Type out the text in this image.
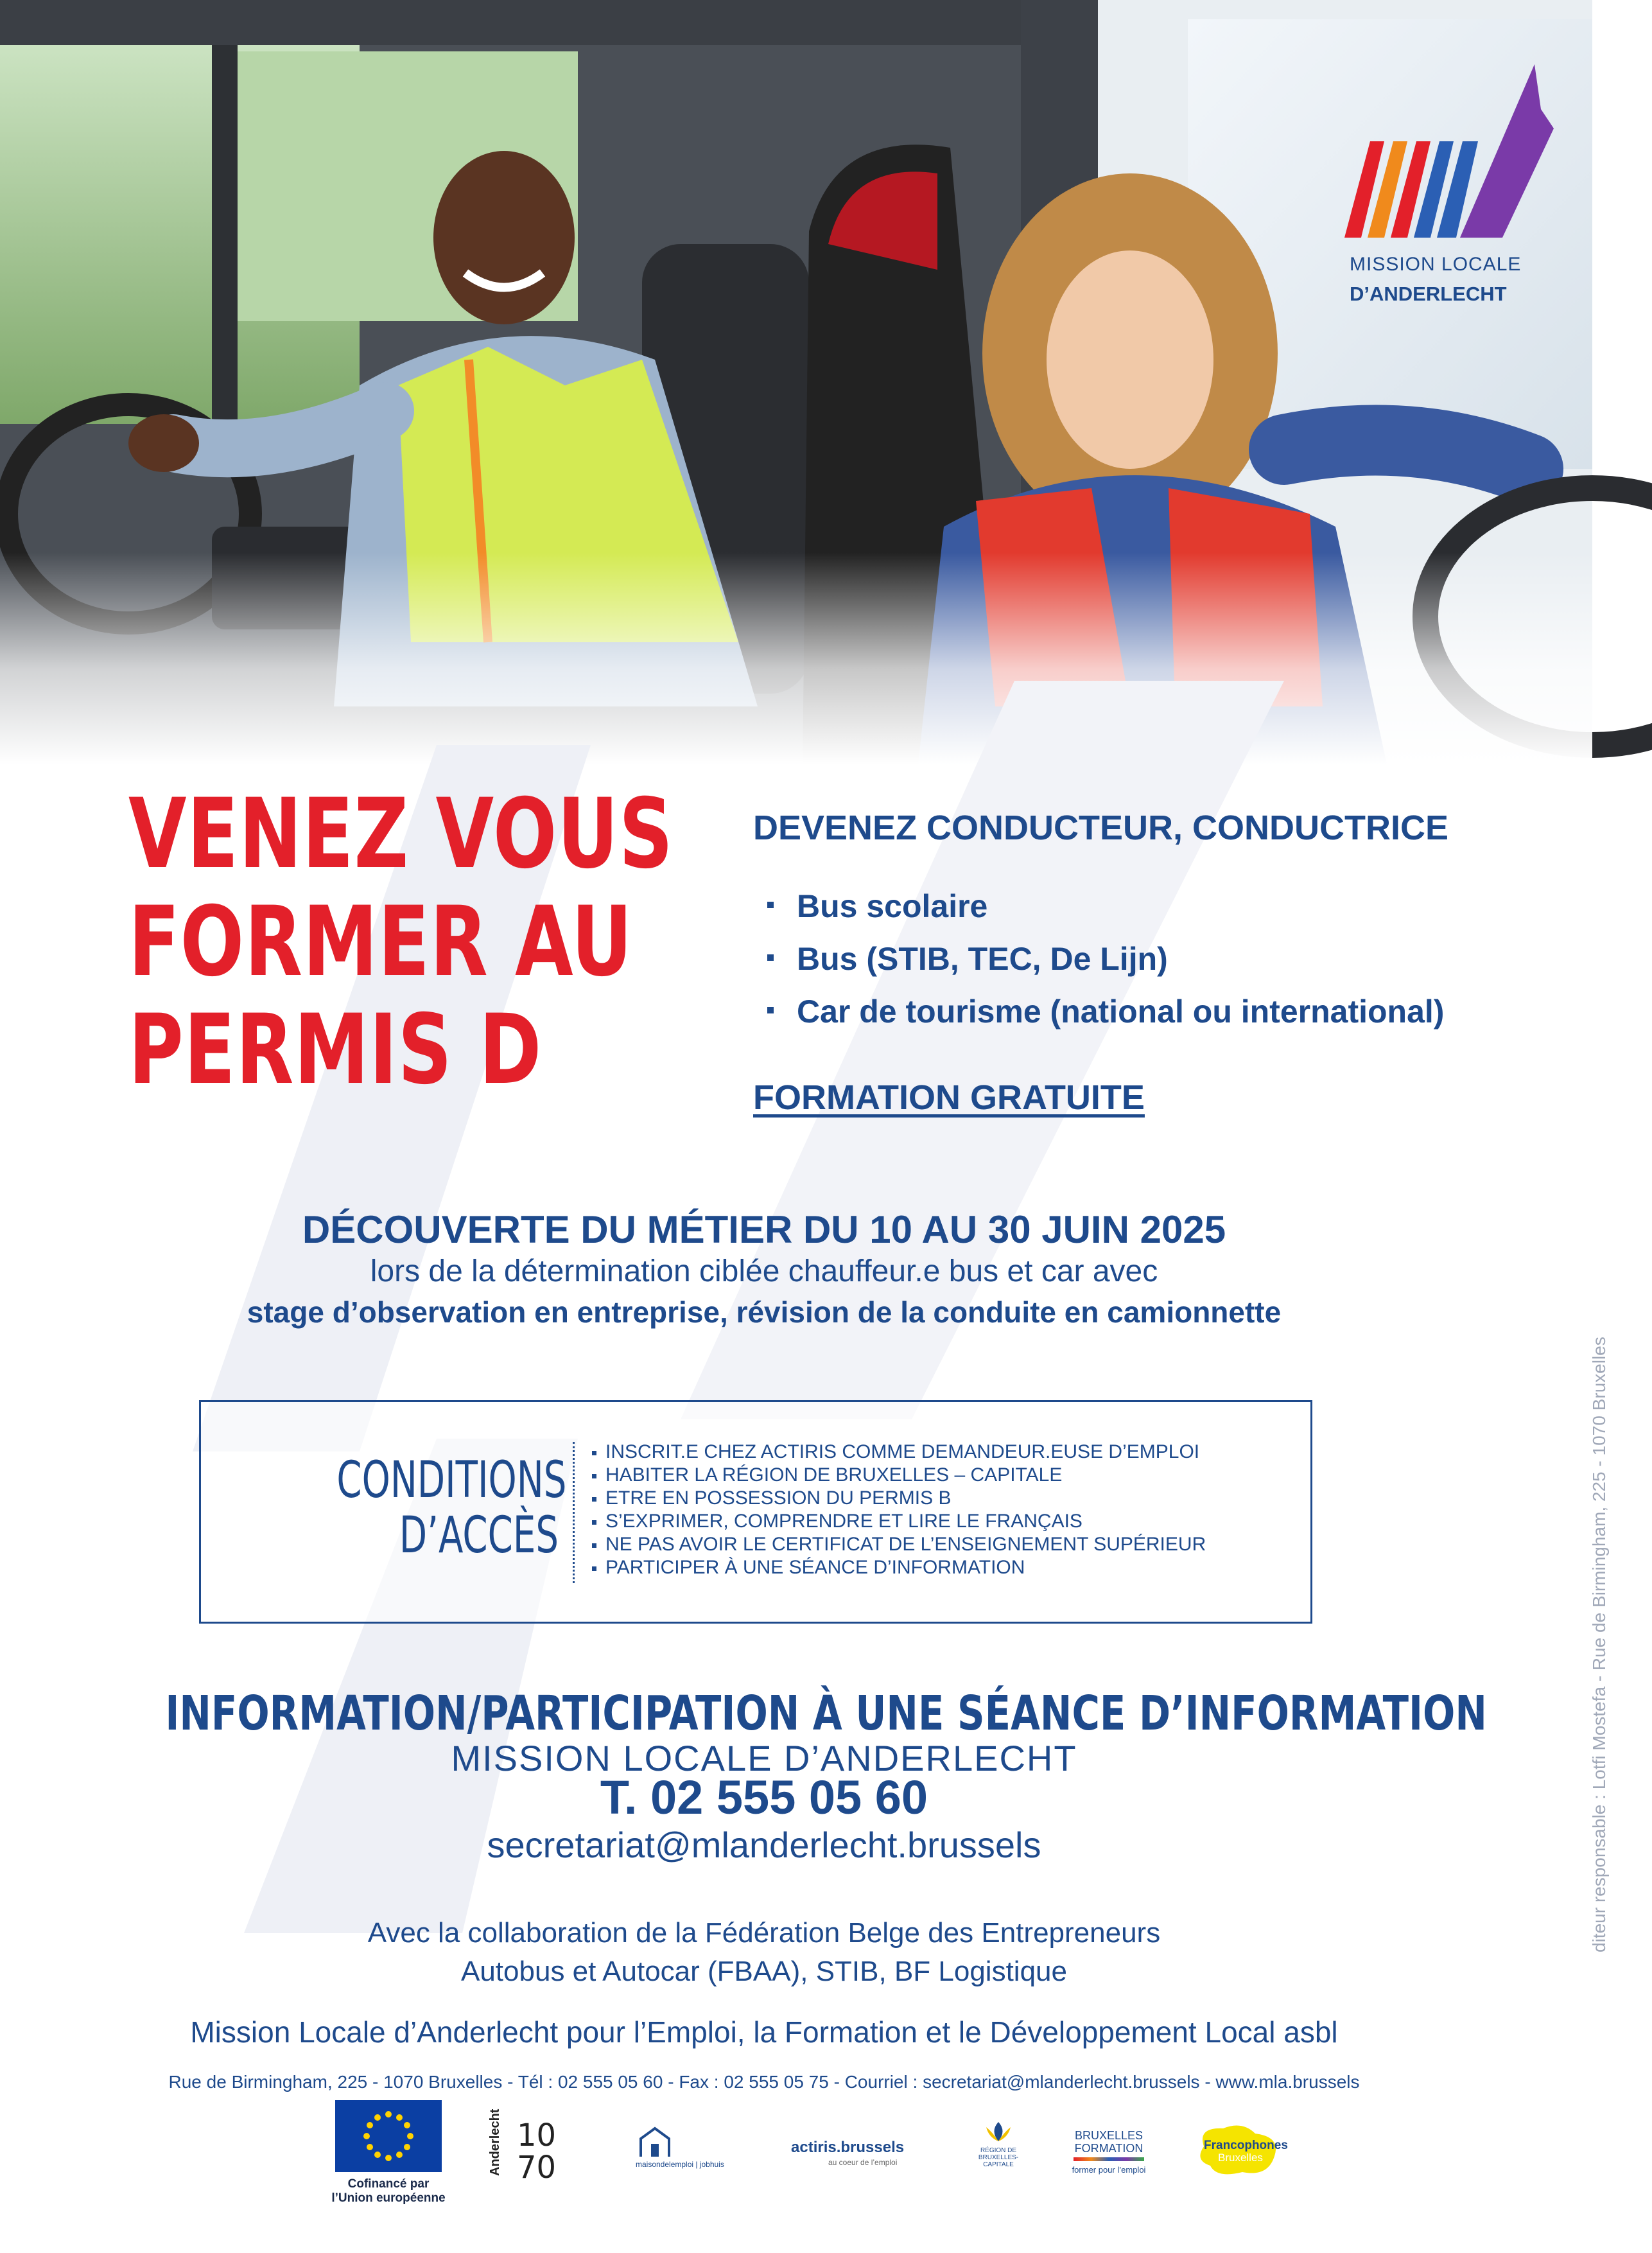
MISSION LOCALE
D’ANDERLECHT
VENEZ VOUS
FORMER AU
PERMIS D
DEVENEZ CONDUCTEUR, CONDUCTRICE
Bus scolaire
Bus (STIB, TEC, De Lijn)
Car de tourisme (national ou international)
FORMATION GRATUITE
DÉCOUVERTE DU MÉTIER DU 10 AU 30 JUIN 2025
lors de la détermination ciblée chauffeur.e bus et car avec
stage d’observation en entreprise, révision de la conduite en camionnette
CONDITIONS
D’ACCÈS
INSCRIT.E CHEZ ACTIRIS COMME DEMANDEUR.EUSE D’EMPLOI
HABITER LA RÉGION DE BRUXELLES – CAPITALE
ETRE EN POSSESSION DU PERMIS B
S’EXPRIMER, COMPRENDRE ET LIRE LE FRANÇAIS
NE PAS AVOIR LE CERTIFICAT DE L’ENSEIGNEMENT SUPÉRIEUR
PARTICIPER À UNE SÉANCE D’INFORMATION
INFORMATION/PARTICIPATION À UNE SÉANCE D’INFORMATION
MISSION LOCALE D’ANDERLECHT
T. 02 555 05 60
secretariat@mlanderlecht.brussels
Avec la collaboration de la Fédération Belge des Entrepreneurs
Autobus et Autocar (FBAA), STIB, BF Logistique
Mission Locale d’Anderlecht pour l’Emploi, la Formation et le Développement Local asbl
Rue de Birmingham, 225 - 1070 Bruxelles - Tél : 02 555 05 60 - Fax : 02 555 05 75 - Courriel : secretariat@mlanderlecht.brussels - www.mla.brussels
diteur responsable : Lotfi Mostefa - Rue de Birmingham, 225 - 1070 Bruxelles
Cofinancé par
l’Union européenne
Anderlecht 10
70	maisondelemploi | jobhuis
actiris.brussels
au coeur de l’emploi
RÉGION DE BRUXELLES-CAPITALE
BRUXELLES
FORMATION
former pour l’emploi
Francophones
Bruxelles
